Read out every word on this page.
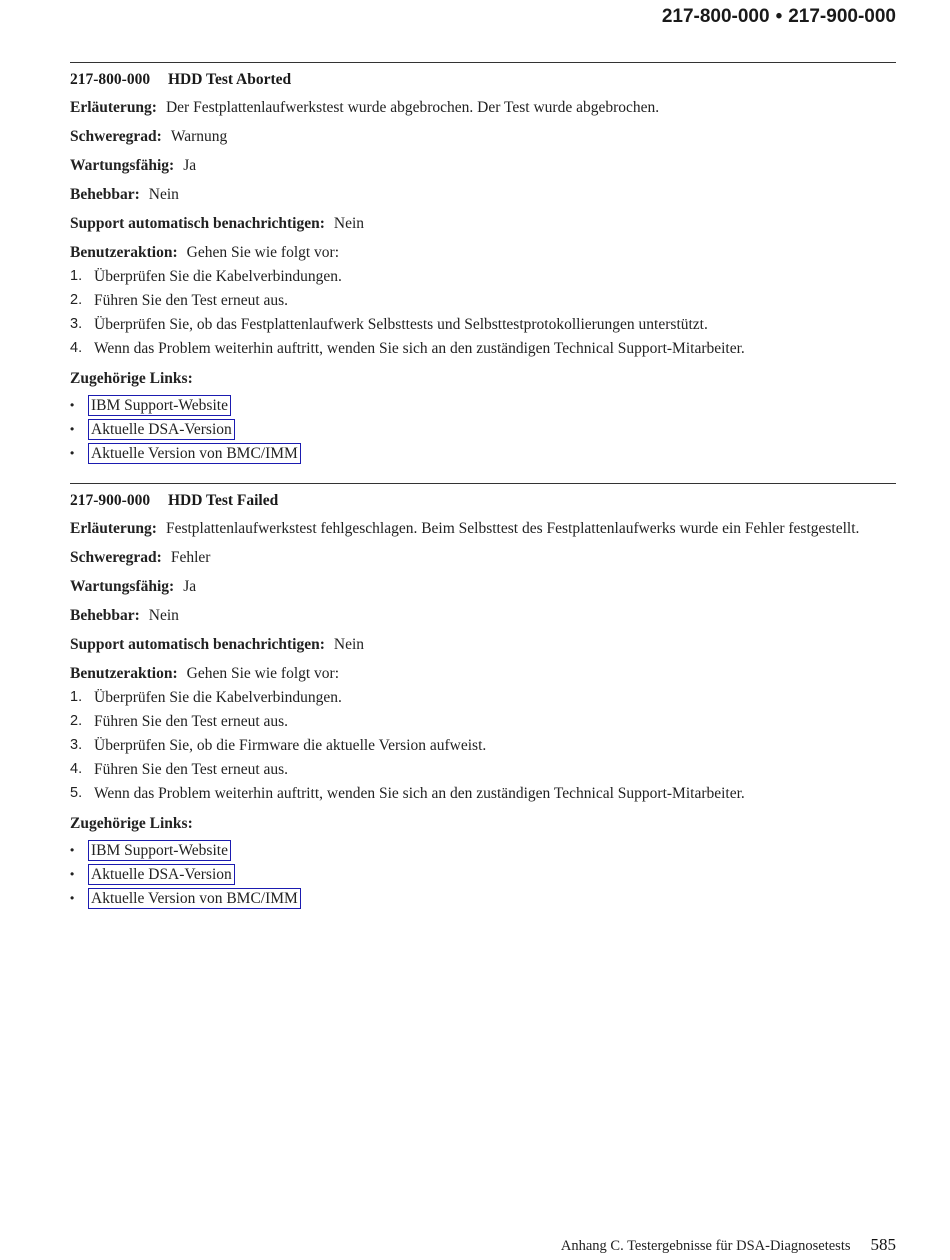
217-800-000 • 217-900-000
217-800-000 HDD Test Aborted
Erläuterung: Der Festplattenlaufwerkstest wurde abgebrochen. Der Test wurde abgebrochen.
Schweregrad: Warnung
Wartungsfähig: Ja
Behebbar: Nein
Support automatisch benachrichtigen: Nein
Benutzeraktion: Gehen Sie wie folgt vor:
1. Überprüfen Sie die Kabelverbindungen.
2. Führen Sie den Test erneut aus.
3. Überprüfen Sie, ob das Festplattenlaufwerk Selbsttests und Selbsttestprotokollierungen unterstützt.
4. Wenn das Problem weiterhin auftritt, wenden Sie sich an den zuständigen Technical Support-Mitarbeiter.
Zugehörige Links:
•	IBM Support-Website
•	Aktuelle DSA-Version
•	Aktuelle Version von BMC/IMM
217-900-000 HDD Test Failed
Erläuterung: Festplattenlaufwerkstest fehlgeschlagen. Beim Selbsttest des Festplattenlaufwerks wurde ein Fehler festgestellt.
Schweregrad: Fehler
Wartungsfähig: Ja
Behebbar: Nein
Support automatisch benachrichtigen: Nein
Benutzeraktion: Gehen Sie wie folgt vor:
1. Überprüfen Sie die Kabelverbindungen.
2. Führen Sie den Test erneut aus.
3. Überprüfen Sie, ob die Firmware die aktuelle Version aufweist.
4. Führen Sie den Test erneut aus.
5. Wenn das Problem weiterhin auftritt, wenden Sie sich an den zuständigen Technical Support-Mitarbeiter.
Zugehörige Links:
•	IBM Support-Website
•	Aktuelle DSA-Version
•	Aktuelle Version von BMC/IMM
Anhang C. Testergebnisse für DSA-Diagnosetests 585
